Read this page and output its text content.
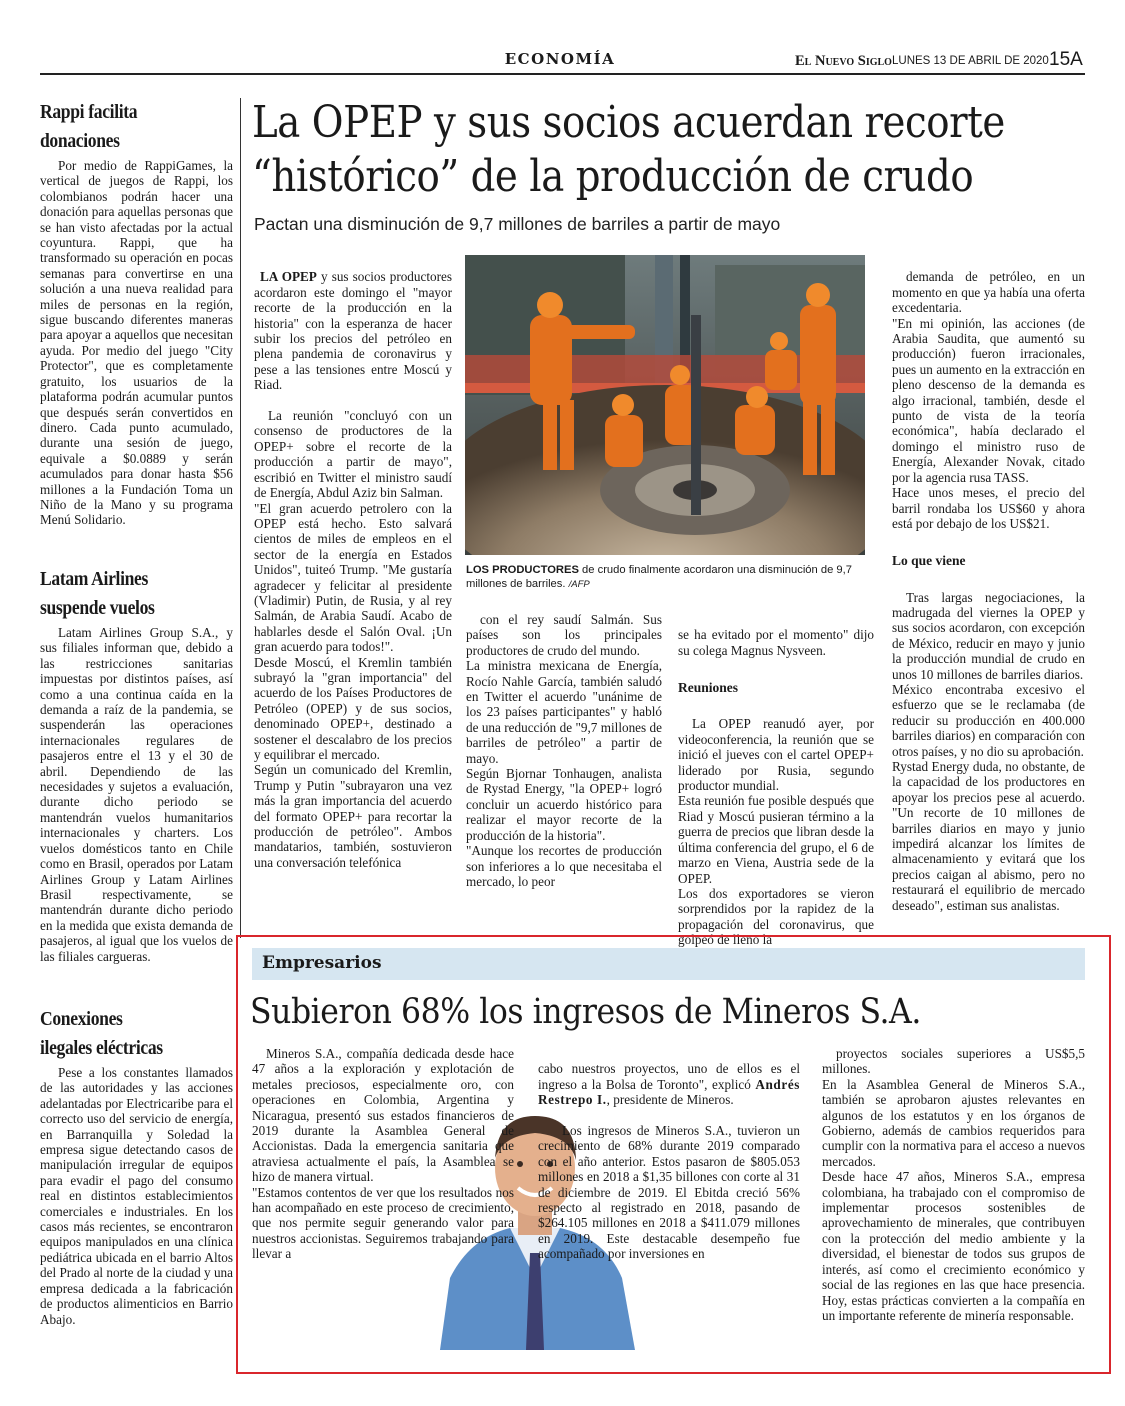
ECONOMÍA	El Nuevo Siglo LUNES 13 DE ABRIL DE 2020 15A
Rappi facilita
donaciones
Por medio de RappiGames, la vertical de juegos de Rappi, los colombianos podrán hacer una donación para aquellas personas que se han visto afectadas por la actual coyuntura. Rappi, que ha transformado su operación en pocas semanas para convertirse en una solución a una nueva realidad para miles de personas en la región, sigue buscando diferentes maneras para apoyar a aquellos que necesitan ayuda. Por medio del juego "City Protector", que es completamente gratuito, los usuarios de la plataforma podrán acumular puntos que después serán convertidos en dinero. Cada punto acumulado, durante una sesión de juego, equivale a $0.0889 y serán acumulados para donar hasta $56 millones a la Fundación Toma un Niño de la Mano y su programa Menú Solidario.
Latam Airlines
suspende vuelos
Latam Airlines Group S.A., y sus filiales informan que, debido a las restricciones sanitarias impuestas por distintos países, así como a una continua caída en la demanda a raíz de la pandemia, se suspenderán las operaciones internacionales regulares de pasajeros entre el 13 y el 30 de abril. Dependiendo de las necesidades y sujetos a evaluación, durante dicho periodo se mantendrán vuelos humanitarios internacionales y charters. Los vuelos domésticos tanto en Chile como en Brasil, operados por Latam Airlines Group y Latam Airlines Brasil respectivamente, se mantendrán durante dicho periodo en la medida que exista demanda de pasajeros, al igual que los vuelos de las filiales cargueras.
Conexiones
ilegales eléctricas
Pese a los constantes llamados de las autoridades y las acciones adelantadas por Electricaribe para el correcto uso del servicio de energía, en Barranquilla y Soledad la empresa sigue detectando casos de manipulación irregular de equipos para evadir el pago del consumo real en distintos establecimientos comerciales e industriales. En los casos más recientes, se encontraron equipos manipulados en una clínica pediátrica ubicada en el barrio Altos del Prado al norte de la ciudad y una empresa dedicada a la fabricación de productos alimenticios en Barrio Abajo.
La OPEP y sus socios acuerdan recorte
“histórico” de la producción de crudo
Pactan una disminución de 9,7 millones de barriles a partir de mayo

LA OPEP y sus socios productores acordaron este domingo el "mayor recorte de la producción en la historia" con la esperanza de hacer subir los precios del petróleo en plena pandemia de coronavirus y pese a las tensiones entre Moscú y Riad.

La reunión "concluyó con un consenso de productores de la OPEP+ sobre el recorte de la producción a partir de mayo", escribió en Twitter el ministro saudí de Energía, Abdul Aziz bin Salman.
"El gran acuerdo petrolero con la OPEP está hecho. Esto salvará cientos de miles de empleos en el sector de la energía en Estados Unidos", tuiteó Trump. "Me gustaría agradecer y felicitar al presidente (Vladimir) Putin, de Rusia, y al rey Salmán, de Arabia Saudí. Acabo de hablarles desde el Salón Oval. ¡Un gran acuerdo para todos!".
Desde Moscú, el Kremlin también subrayó la "gran importancia" del acuerdo de los Países Productores de Petróleo (OPEP) y de sus socios, denominado OPEP+, destinado a sostener el descalabro de los precios y equilibrar el mercado.
Según un comunicado del Kremlin, Trump y Putin "subrayaron una vez más la gran importancia del acuerdo del formato OPEP+ para recortar la producción de petróleo". Ambos mandatarios, también, sostuvieron una conversación telefónica

LOS PRODUCTORES de crudo finalmente acordaron una disminución de 9,7 millones de barriles. /AFP
con el rey saudí Salmán. Sus países son los principales productores de crudo del mundo.
La ministra mexicana de Energía, Rocío Nahle García, también saludó en Twitter el acuerdo "unánime de los 23 países participantes" y habló de una reducción de "9,7 millones de barriles de petróleo" a partir de mayo.
Según Bjornar Tonhaugen, analista de Rystad Energy, "la OPEP+ logró concluir un acuerdo histórico para realizar el mayor recorte de la producción de la historia".
"Aunque los recortes de producción son inferiores a lo que necesitaba el mercado, lo peor

se ha evitado por el momento" dijo su colega Magnus Nysveen.

Reuniones

La OPEP reanudó ayer, por videoconferencia, la reunión que se inició el jueves con el cartel OPEP+ liderado por Rusia, segundo productor mundial.
Esta reunión fue posible después que Riad y Moscú pusieran término a la guerra de precios que libran desde la última conferencia del grupo, el 6 de marzo en Viena, Austria sede de la OPEP.
Los dos exportadores se vieron sorprendidos por la rapidez de la propagación del coronavirus, que golpeó de lleno la

demanda de petróleo, en un momento en que ya había una oferta excedentaria.
"En mi opinión, las acciones (de Arabia Saudita, que aumentó su producción) fueron irracionales, pues un aumento en la extracción en pleno descenso de la demanda es algo irracional, también, desde el punto de vista de la teoría económica", había declarado el domingo el ministro ruso de Energía, Alexander Novak, citado por la agencia rusa TASS.
Hace unos meses, el precio del barril rondaba los US$60 y ahora está por debajo de los US$21.

Lo que viene

Tras largas negociaciones, la madrugada del viernes la OPEP y sus socios acordaron, con excepción de México, reducir en mayo y junio la producción mundial de crudo en unos 10 millones de barriles diarios.
México encontraba excesivo el esfuerzo que se le reclamaba (de reducir su producción en 400.000 barriles diarios) en comparación con otros países, y no dio su aprobación.
Rystad Energy duda, no obstante, de la capacidad de los productores en apoyar los precios pese al acuerdo. "Un recorte de 10 millones de barriles diarios en mayo y junio impedirá alcanzar los límites de almacenamiento y evitará que los precios caigan al abismo, pero no restaurará el equilibrio de mercado deseado", estiman sus analistas.

Empresarios
Subieron 68% los ingresos de Mineros S.A.
Mineros S.A., compañía dedicada desde hace 47 años a la exploración y explotación de metales preciosos, especialmente oro, con operaciones en Colombia, Argentina y Nicaragua, presentó sus estados financieros de 2019 durante la Asamblea General de Accionistas. Dada la emergencia sanitaria que atraviesa actualmente el país, la Asamblea se hizo de manera virtual.
"Estamos contentos de ver que los resultados nos han acompañado en este proceso de crecimiento, que nos permite seguir generando valor para nuestros accionistas. Seguiremos trabajando para llevar a

cabo nuestros proyectos, uno de ellos es el ingreso a la Bolsa de Toronto", explicó Andrés Restrepo I., presidente de Mineros.

Los ingresos de Mineros S.A., tuvieron un crecimiento de 68% durante 2019 comparado con el año anterior. Estos pasaron de $805.053 millones en 2018 a $1,35 billones con corte al 31 de diciembre de 2019. El Ebitda creció 56% respecto al registrado en 2018, pasando de $264.105 millones en 2018 a $411.079 millones en 2019. Este destacable desempeño fue acompañado por inversiones en

proyectos sociales superiores a US$5,5 millones.
En la Asamblea General de Mineros S.A., también se aprobaron ajustes relevantes en algunos de los estatutos y en los órganos de Gobierno, además de cambios requeridos para cumplir con la normativa para el acceso a nuevos mercados.
Desde hace 47 años, Mineros S.A., empresa colombiana, ha trabajado con el compromiso de implementar procesos sostenibles de aprovechamiento de minerales, que contribuyen con la protección del medio ambiente y la diversidad, el bienestar de todos sus grupos de interés, así como el crecimiento económico y social de las regiones en las que hace presencia. Hoy, estas prácticas convierten a la compañía en un importante referente de minería responsable.
